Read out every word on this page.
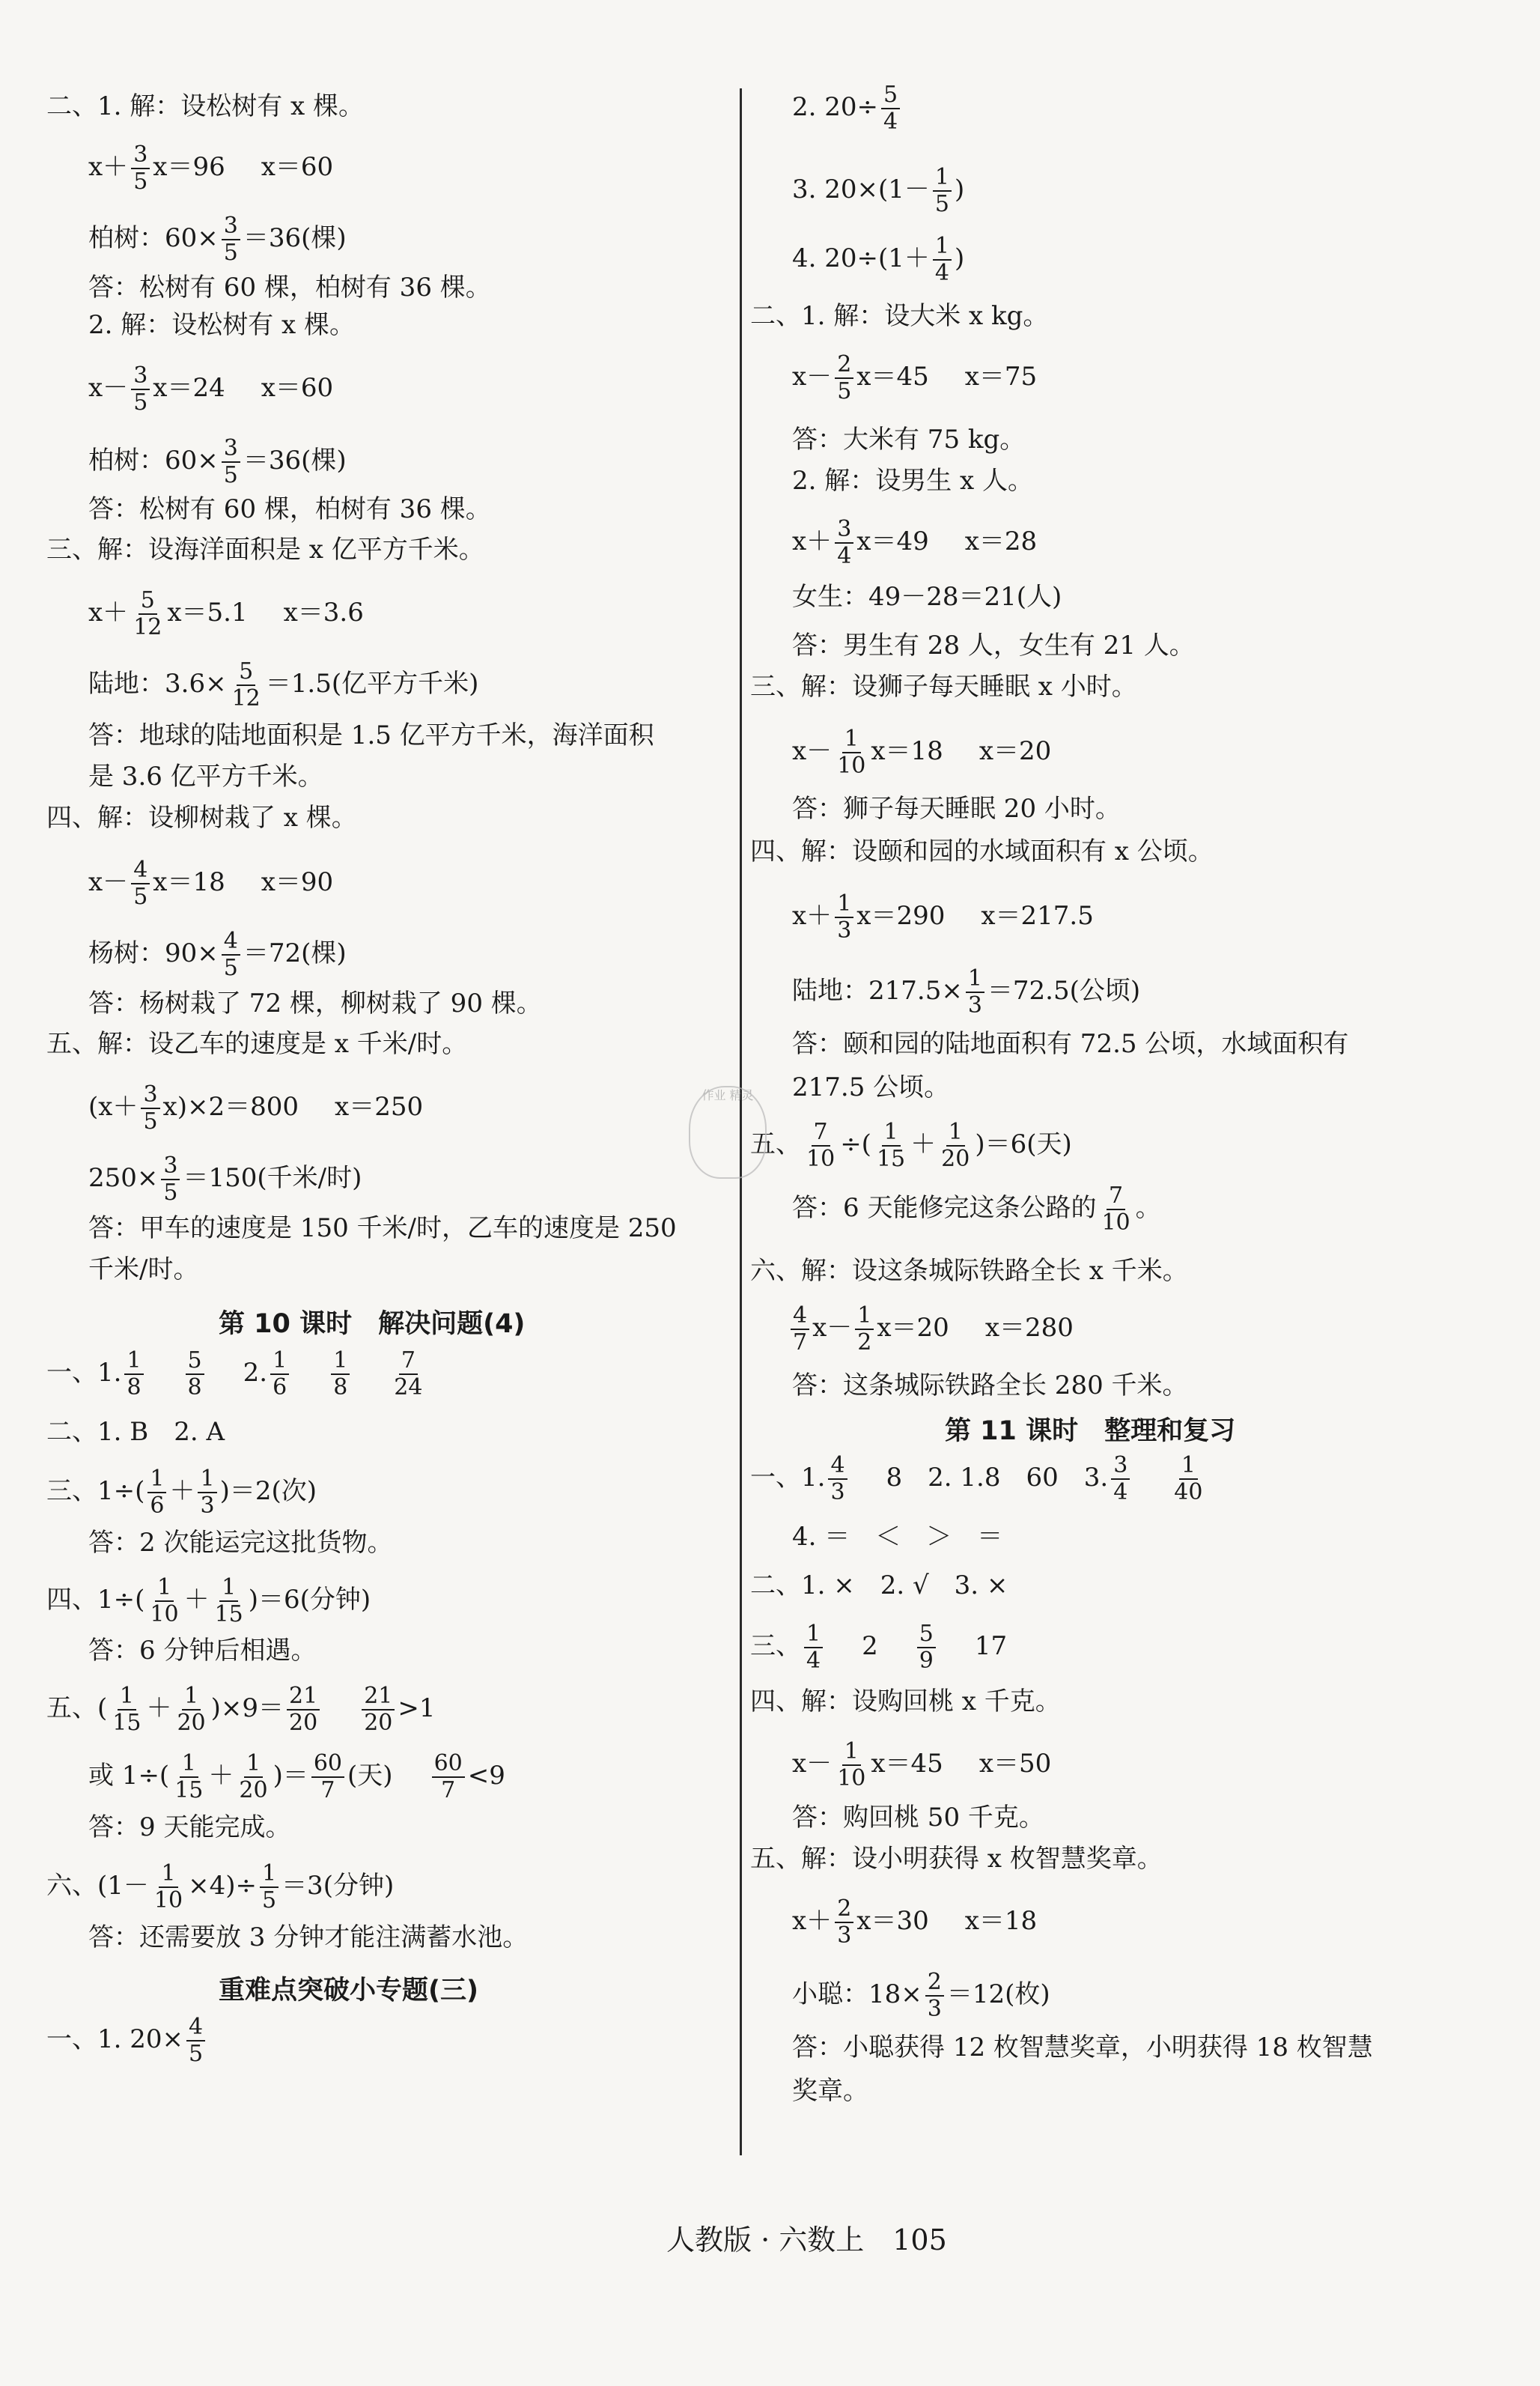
二、1. 解：设松树有 x 棵。
$x+ \frac{3}{5} x=96$ x＝60
柏树：$60\times \frac{3}{5} =36$(棵)
答：松树有 60 棵，柏树有 36 棵。
2. 解：设松树有 x 棵。
$x- \frac{3}{5} x=24$ x＝60
柏树：$60\times \frac{3}{5} =36$(棵)
答：松树有 60 棵，柏树有 36 棵。
三、解：设海洋面积是 x 亿平方千米。
$x+ \frac{5}{12} x=5.1$ x＝3.6
陆地：$3.6\times \frac{5}{12} =1.5$(亿平方千米)
答：地球的陆地面积是 1.5 亿平方千米，海洋面积
是 3.6 亿平方千米。
四、解：设柳树栽了 x 棵。
$x- \frac{4}{5} x=18$ x＝90
杨树：$90\times \frac{4}{5} =72$(棵)
答：杨树栽了 72 棵，柳树栽了 90 棵。
五、解：设乙车的速度是 x 千米/时。
$(x+ \frac{3}{5} x)\times 2=800$ x＝250
$250\times \frac{3}{5} =150$(千米/时)
答：甲车的速度是 150 千米/时，乙车的速度是 250
千米/时。
第 10 课时　解决问题(4)
一、1. $\frac{1}{8} \frac{5}{8} 2$. $\frac{1}{6} \frac{1}{8} \frac{7}{24}$
二、1. B　2. A
三、$1\div( \frac{1}{6} + \frac{1}{3} )=2$(次)
答：2 次能运完这批货物。
四、$1\div( \frac{1}{10} + \frac{1}{15} )=6$(分钟)
答：6 分钟后相遇。
五、( $\frac{1}{15} + \frac{1}{20} )\times 9= \frac{21}{20} \frac{21}{20} >1$
或 $1\div( \frac{1}{15} + \frac{1}{20}$ )＝ $\frac{60}{7}$ (天) $\frac{60}{7} <9$
答：9 天能完成。
六、$(1- \frac{1}{10} \times 4)\div \frac{1}{5} =3$(分钟)
答：还需要放 3 分钟才能注满蓄水池。
重难点突破小专题(三)
一、1. $20\times \frac{4}{5}$
2. $20\div \frac{5}{4}$
3. $20\times(1- \frac{1}{5}$ )
4. $20\div(1+ \frac{1}{4}$ )
二、1. 解：设大米 x kg。
$x- \frac{2}{5} x=45$ x＝75
答：大米有 75 kg。
2. 解：设男生 x 人。
$x+ \frac{3}{4} x=49$ x＝28
女生：49－28＝21(人)
答：男生有 28 人，女生有 21 人。
三、解：设狮子每天睡眠 x 小时。
$x- \frac{1}{10} x=18$ x＝20
答：狮子每天睡眠 20 小时。
四、解：设颐和园的水域面积有 x 公顷。
$x+ \frac{1}{3} x=290$ x＝217.5
陆地：$217.5\times \frac{1}{3} =72.5$(公顷)
答：颐和园的陆地面积有 72.5 公顷，水域面积有
217.5 公顷。
五、 $\frac{7}{10}$ ÷( $\frac{1}{15} + \frac{1}{20} )=6$(天)
答：6 天能修完这条公路的 $\frac{7}{10}$ 。
六、解：设这条城际铁路全长 x 千米。
$\frac{4}{7} x- \frac{1}{2} x=20$ x＝280
答：这条城际铁路全长 280 千米。
第 11 课时　整理和复习
一、1. $\frac{4}{3} 8$　2. 1.8　60　3. $\frac{3}{4} \frac{1}{40}$
4. ＝　＜　＞　＝
二、1. ×　2. √　3. ×
三、 $\frac{1}{4} 2 \frac{5}{9} 17$
四、解：设购回桃 x 千克。
$x- \frac{1}{10} x=45$ x＝50
答：购回桃 50 千克。
五、解：设小明获得 x 枚智慧奖章。
$x+ \frac{2}{3} x=30$ x＝18
小聪：$18\times \frac{2}{3} =12$(枚)
答：小聪获得 12 枚智慧奖章，小明获得 18 枚智慧
奖章。
作业 精灵
人教版 · 六数上　105
